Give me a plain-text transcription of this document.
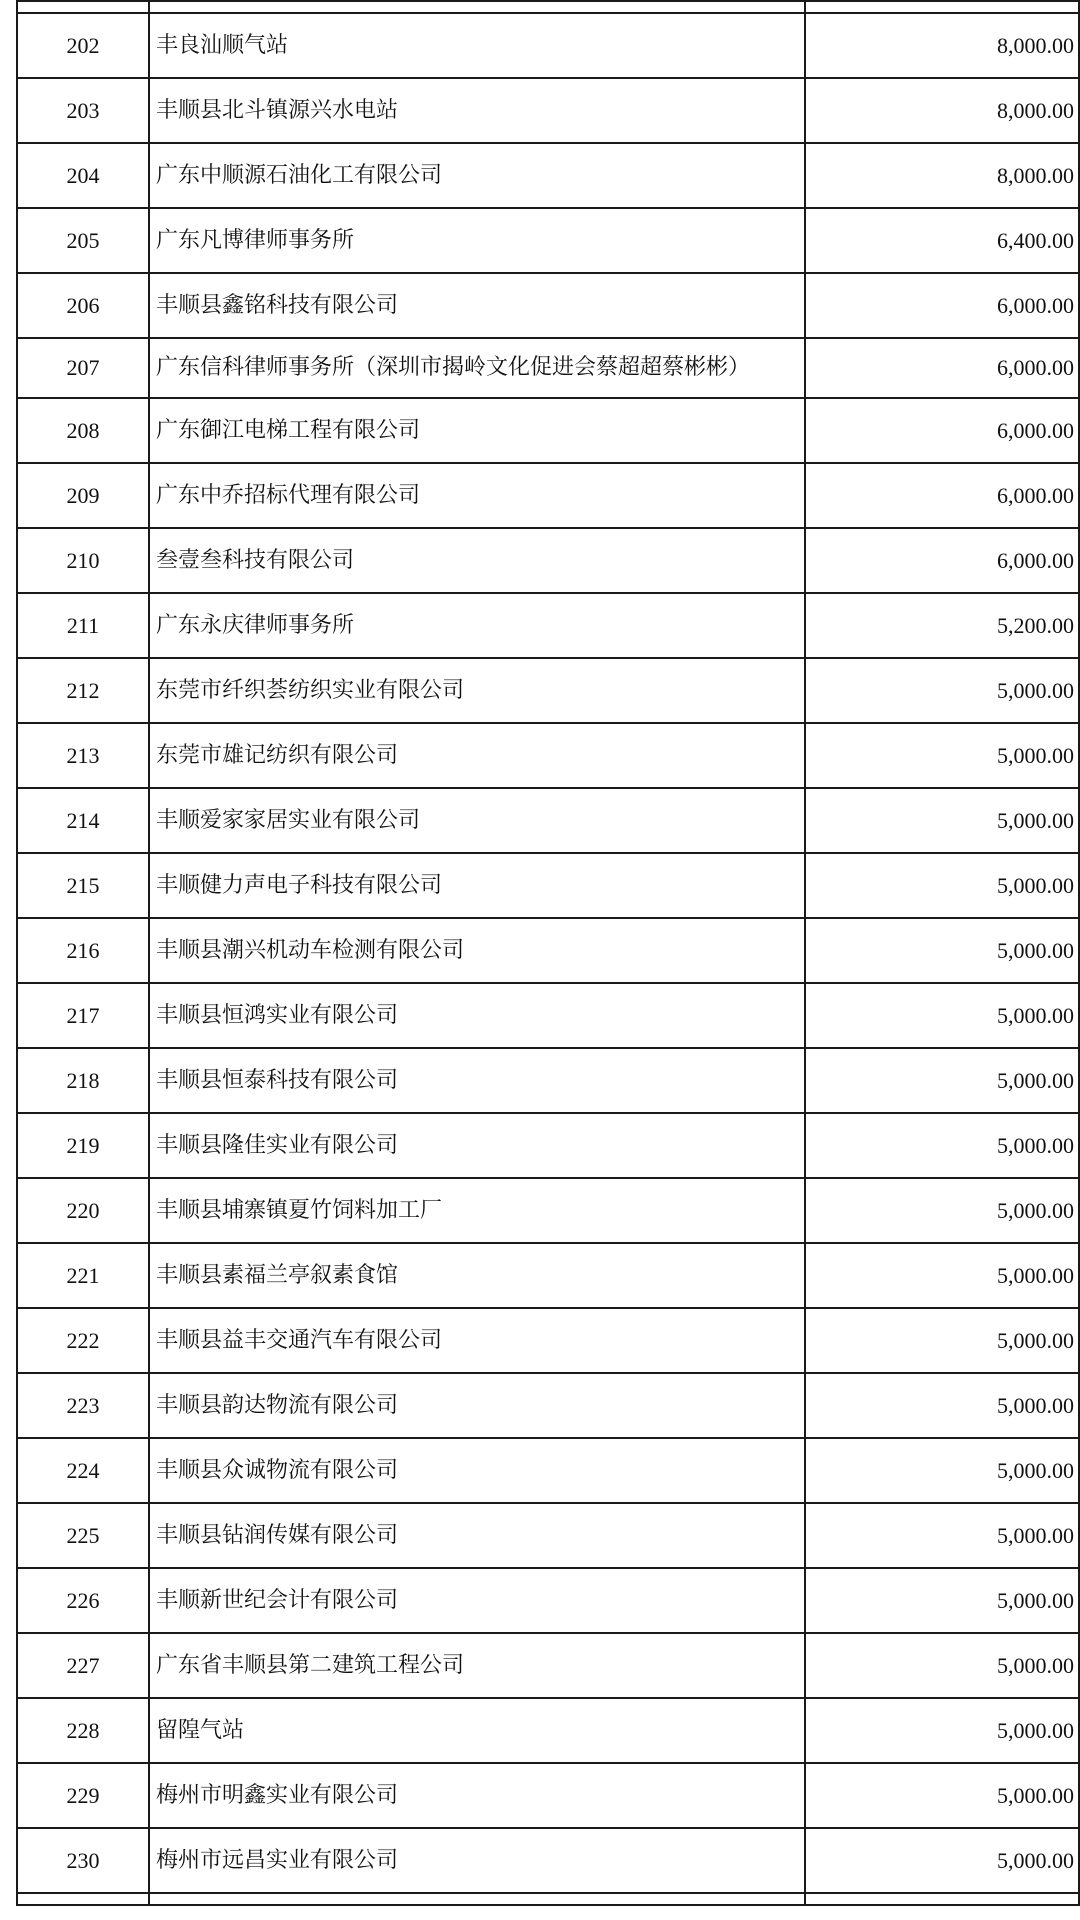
202	丰良汕顺气站	8,000.00
203	丰顺县北斗镇源兴水电站	8,000.00
204	广东中顺源石油化工有限公司	8,000.00
205	广东凡博律师事务所	6,400.00
206	丰顺县鑫铭科技有限公司	6,000.00
207	广东信科律师事务所（深圳市揭岭文化促进会蔡超超蔡彬彬）	6,000.00
208	广东御江电梯工程有限公司	6,000.00
209	广东中乔招标代理有限公司	6,000.00
210	叁壹叁科技有限公司	6,000.00
211	广东永庆律师事务所	5,200.00
212	东莞市纤织荟纺织实业有限公司	5,000.00
213	东莞市雄记纺织有限公司	5,000.00
214	丰顺爱家家居实业有限公司	5,000.00
215	丰顺健力声电子科技有限公司	5,000.00
216	丰顺县潮兴机动车检测有限公司	5,000.00
217	丰顺县恒鸿实业有限公司	5,000.00
218	丰顺县恒泰科技有限公司	5,000.00
219	丰顺县隆佳实业有限公司	5,000.00
220	丰顺县埔寨镇夏竹饲料加工厂	5,000.00
221	丰顺县素福兰亭叙素食馆	5,000.00
222	丰顺县益丰交通汽车有限公司	5,000.00
223	丰顺县韵达物流有限公司	5,000.00
224	丰顺县众诚物流有限公司	5,000.00
225	丰顺县钻润传媒有限公司	5,000.00
226	丰顺新世纪会计有限公司	5,000.00
227	广东省丰顺县第二建筑工程公司	5,000.00
228	留隍气站	5,000.00
229	梅州市明鑫实业有限公司	5,000.00
230	梅州市远昌实业有限公司	5,000.00
